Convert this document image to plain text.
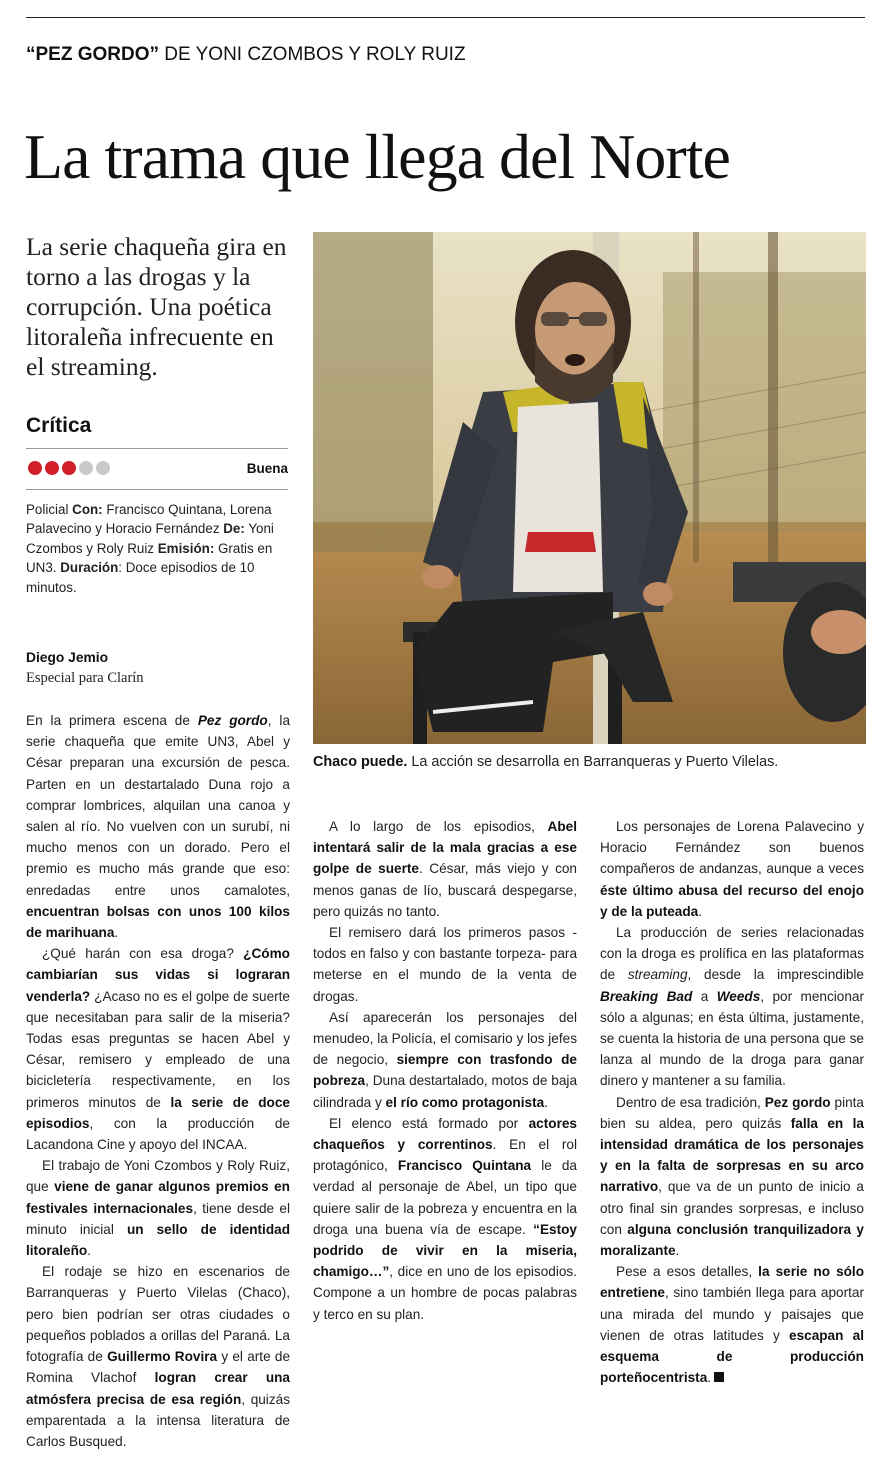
“PEZ GORDO” DE YONI CZOMBOS Y ROLY RUIZ
La trama que llega del Norte
La serie chaqueña gira en torno a las drogas y la corrupción. Una poética litoraleña infrecuente en el streaming.
Crítica
Buena
Policial Con: Francisco Quintana, Lorena Palavecino y Horacio Fernández De: Yoni Czombos y Roly Ruiz Emisión: Gratis en UN3. Duración: Doce episodios de 10 minutos.
Diego Jemio
Especial para Clarín
Chaco puede. La acción se desarrolla en Barranqueras y Puerto Vilelas.

En la primera escena de Pez gordo, la serie chaqueña que emite UN3, Abel y César preparan una excursión de pesca. Parten en un destartalado Duna rojo a comprar lombrices, alquilan una canoa y salen al río. No vuelven con un surubí, ni mucho menos con un dorado. Pero el premio es mucho más grande que eso: enredadas entre unos camalotes, encuentran bolsas con unos 100 kilos de marihuana.

¿Qué harán con esa droga? ¿Cómo cambiarían sus vidas si lograran venderla? ¿Acaso no es el golpe de suerte que necesitaban para salir de la miseria? Todas esas preguntas se hacen Abel y César, remisero y empleado de una bicicletería respectivamente, en los primeros minutos de la serie de doce episodios, con la producción de Lacandona Cine y apoyo del INCAA.

El trabajo de Yoni Czombos y Roly Ruiz, que viene de ganar algunos premios en festivales internacionales, tiene desde el minuto inicial un sello de identidad litoraleño.

El rodaje se hizo en escenarios de Barranqueras y Puerto Vilelas (Chaco), pero bien podrían ser otras ciudades o pequeños poblados a orillas del Paraná. La fotografía de Guillermo Rovira y el arte de Romina Vlachof logran crear una atmósfera precisa de esa región, quizás emparentada a la intensa literatura de Carlos Busqued.

A lo largo de los episodios, Abel intentará salir de la mala gracias a ese golpe de suerte. César, más viejo y con menos ganas de lío, buscará despegarse, pero quizás no tanto.

El remisero dará los primeros pasos -todos en falso y con bastante torpeza- para meterse en el mundo de la venta de drogas.

Así aparecerán los personajes del menudeo, la Policía, el comisario y los jefes de negocio, siempre con trasfondo de pobreza, Duna destartalado, motos de baja cilindrada y el río como protagonista.

El elenco está formado por actores chaqueños y correntinos. En el rol protagónico, Francisco Quintana le da verdad al personaje de Abel, un tipo que quiere salir de la pobreza y encuentra en la droga una buena vía de escape. “Estoy podrido de vivir en la miseria, chamigo…”, dice en uno de los episodios. Compone a un hombre de pocas palabras y terco en su plan.

Los personajes de Lorena Palavecino y Horacio Fernández son buenos compañeros de andanzas, aunque a veces éste último abusa del recurso del enojo y de la puteada.

La producción de series relacionadas con la droga es prolífica en las plataformas de streaming, desde la imprescindible Breaking Bad a Weeds, por mencionar sólo a algunas; en ésta última, justamente, se cuenta la historia de una persona que se lanza al mundo de la droga para ganar dinero y mantener a su familia.

Dentro de esa tradición, Pez gordo pinta bien su aldea, pero quizás falla en la intensidad dramática de los personajes y en la falta de sorpresas en su arco narrativo, que va de un punto de inicio a otro final sin grandes sorpresas, e incluso con alguna conclusión tranquilizadora y moralizante.

Pese a esos detalles, la serie no sólo entretiene, sino también llega para aportar una mirada del mundo y paisajes que vienen de otras latitudes y escapan al esquema de producción porteñocentrista.
